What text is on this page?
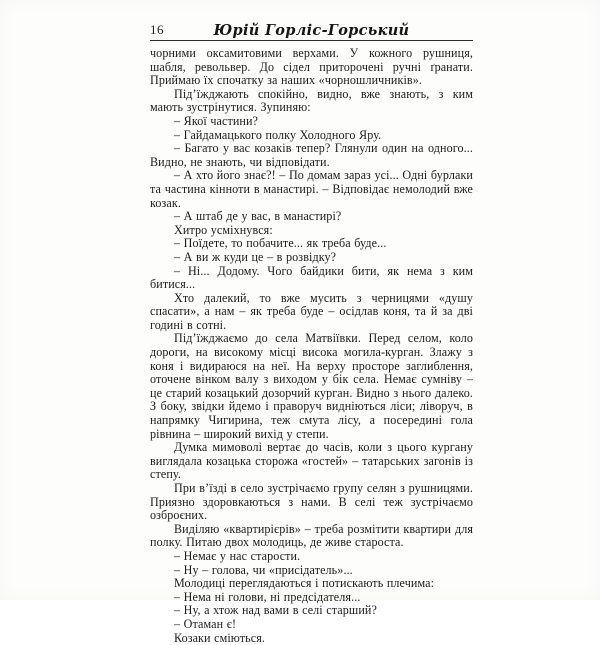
16	Юрій Горліс-Горський

чорними оксамитовими верхами. У кожного рушниця, шабля, револьвер. До сідел приторочені ручні ґранати. Приймаю їх спочатку за наших «чорношличників».

Під’їжджають спокійно, видно, вже знають, з ким мають зустрінутися. Зупиняю:

– Якої частини?

– Гайдамацького полку Холодного Яру.

– Багато у вас козаків тепер? Глянули один на одного... Видно, не знають, чи відповідати.

– А хто його знає?! – По домам зараз усі... Одні бурлаки та частина кінноти в манастирі. – Відповідає немолодий вже козак.

– А штаб де у вас, в манастирі?

Хитро усміхнувся:

– Поїдете, то побачите... як треба буде...

– А ви ж куди це – в розвідку?

– Ні... Додому. Чого байдики бити, як нема з ким битися...

Хто далекий, то вже мусить з черницями «душу спасати», а нам – як треба буде – осідлав коня, та й за дві годині в сотні.

Під’їжджаємо до села Матвіївки. Перед селом, коло дороги, на високому місці висока могила-курган. Злажу з коня і видираюся на неї. На верху просторе заглиблення, оточене вінком валу з виходом у бік села. Немає сумніву – це старий козацький дозорчий курган. Видно з нього далеко. З боку, звідки йдемо і праворуч видніються ліси; ліворуч, в напрямку Чигирина, теж смута лісу, а посередині гола рівнина – широкий вихід у степи.

Думка мимоволі вертає до часів, коли з цього кургану виглядала козацька сторожа «гостей» – татарських загонів із степу.

При в’їзді в село зустрічаємо групу селян з рушницями. Приязно здоровкаються з нами. В селі теж зустрічаємо озброєних.

Виділяю «квартирієрів» – треба розмітити квартири для полку. Питаю двох молодиць, де живе староста.

– Немає у нас старости.

– Ну – голова, чи «присідатель»...

Молодиці переглядаються і потискають плечима:

– Нема ні голови, ні предсідателя...

– Ну, а хтож над вами в селі старший?

– Отаман є!

Козаки сміються.
